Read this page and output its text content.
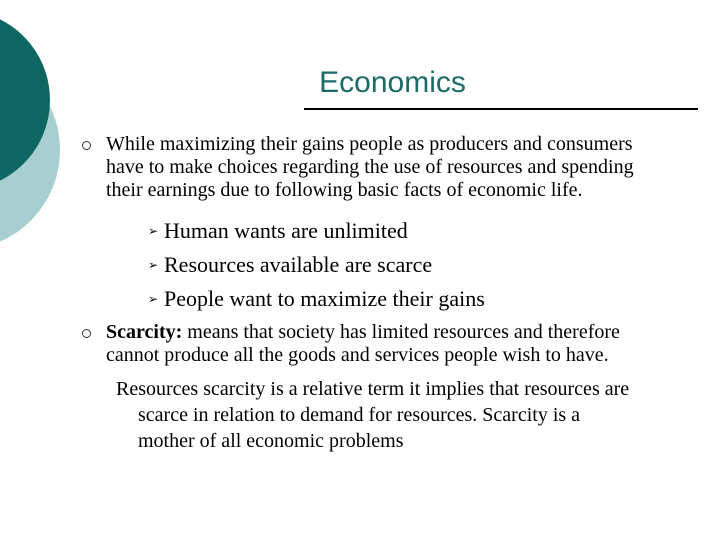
Economics
While maximizing their gains people as producers and consumers
have to make choices regarding the use of resources and spending
their earnings due to following basic facts of economic life.
➢ Human wants are unlimited
➢ Resources available are scarce
➢ People want to maximize their gains
Scarcity: means that society has limited resources and therefore
cannot produce all the goods and services people wish to have.
Resources scarcity is a relative term it implies that resources are
scarce in relation to demand for resources. Scarcity is a
mother of all economic problems
